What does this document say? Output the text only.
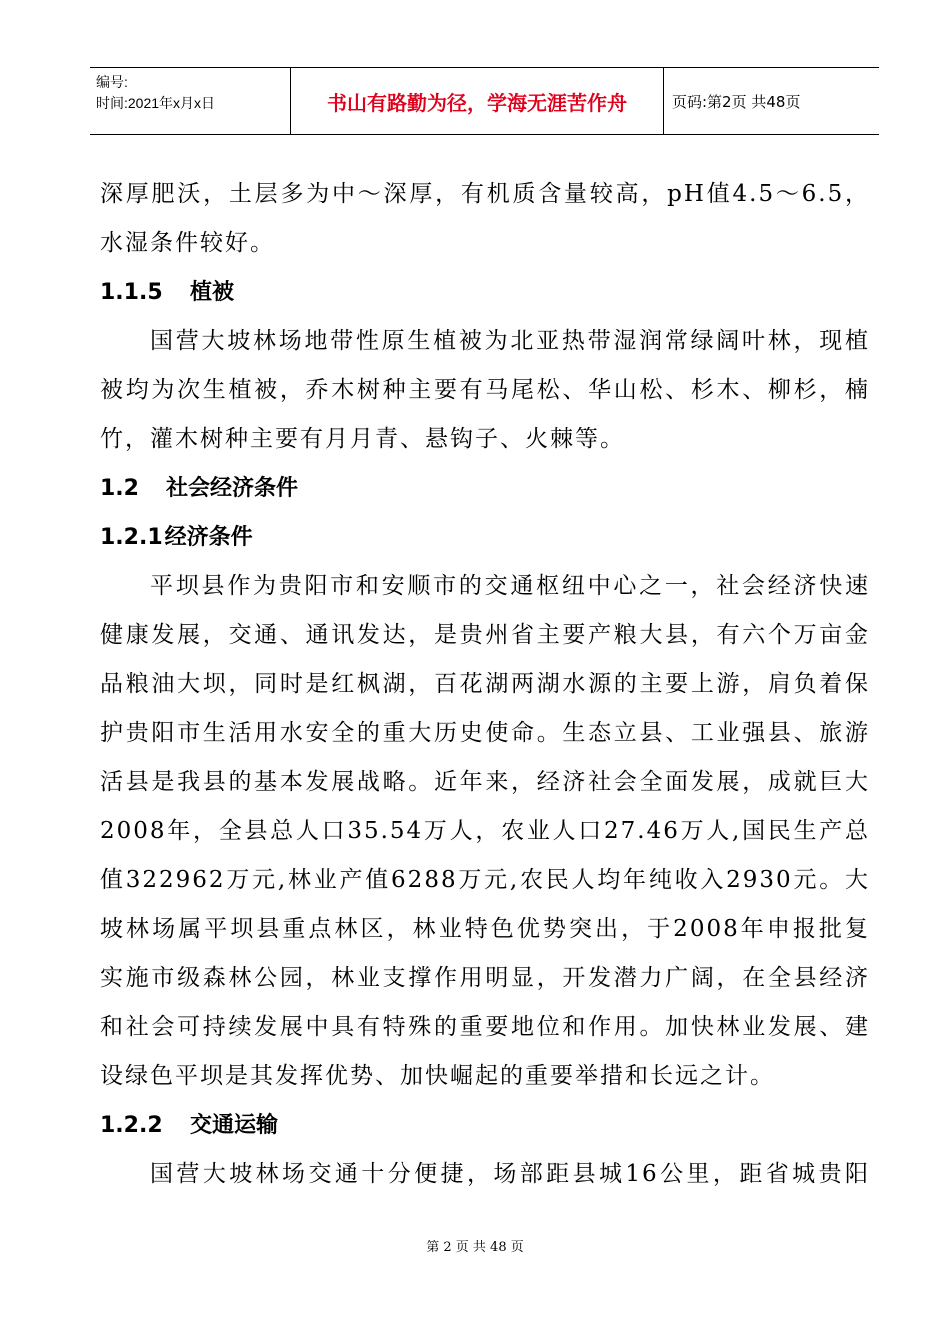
编号:
时间:2021年x月x日	书山有路勤为径，学海无涯苦作舟	页码:第2页 共48页
深厚肥沃，土层多为中～深厚，有机质含量较高，pH值4.5～6.5，
水湿条件较好。
1.1.5 植被
国营大坡林场地带性原生植被为北亚热带湿润常绿阔叶林，现植
被均为次生植被，乔木树种主要有马尾松、华山松、杉木、柳杉，楠
竹，灌木树种主要有月月青、悬钩子、火棘等。
1.2 社会经济条件
1.2.1经济条件
平坝县作为贵阳市和安顺市的交通枢纽中心之一，社会经济快速
健康发展，交通、通讯发达，是贵州省主要产粮大县，有六个万亩金
品粮油大坝，同时是红枫湖，百花湖两湖水源的主要上游，肩负着保
护贵阳市生活用水安全的重大历史使命。生态立县、工业强县、旅游
活县是我县的基本发展战略。近年来，经济社会全面发展，成就巨大
2008年，全县总人口35.54万人，农业人口27.46万人,国民生产总
值322962万元,林业产值6288万元,农民人均年纯收入2930元。大
坡林场属平坝县重点林区，林业特色优势突出，于2008年申报批复
实施市级森林公园，林业支撑作用明显，开发潜力广阔，在全县经济
和社会可持续发展中具有特殊的重要地位和作用。加快林业发展、建
设绿色平坝是其发挥优势、加快崛起的重要举措和长远之计。
1.2.2 交通运输
国营大坡林场交通十分便捷，场部距县城16公里，距省城贵阳
第 2 页 共 48 页
